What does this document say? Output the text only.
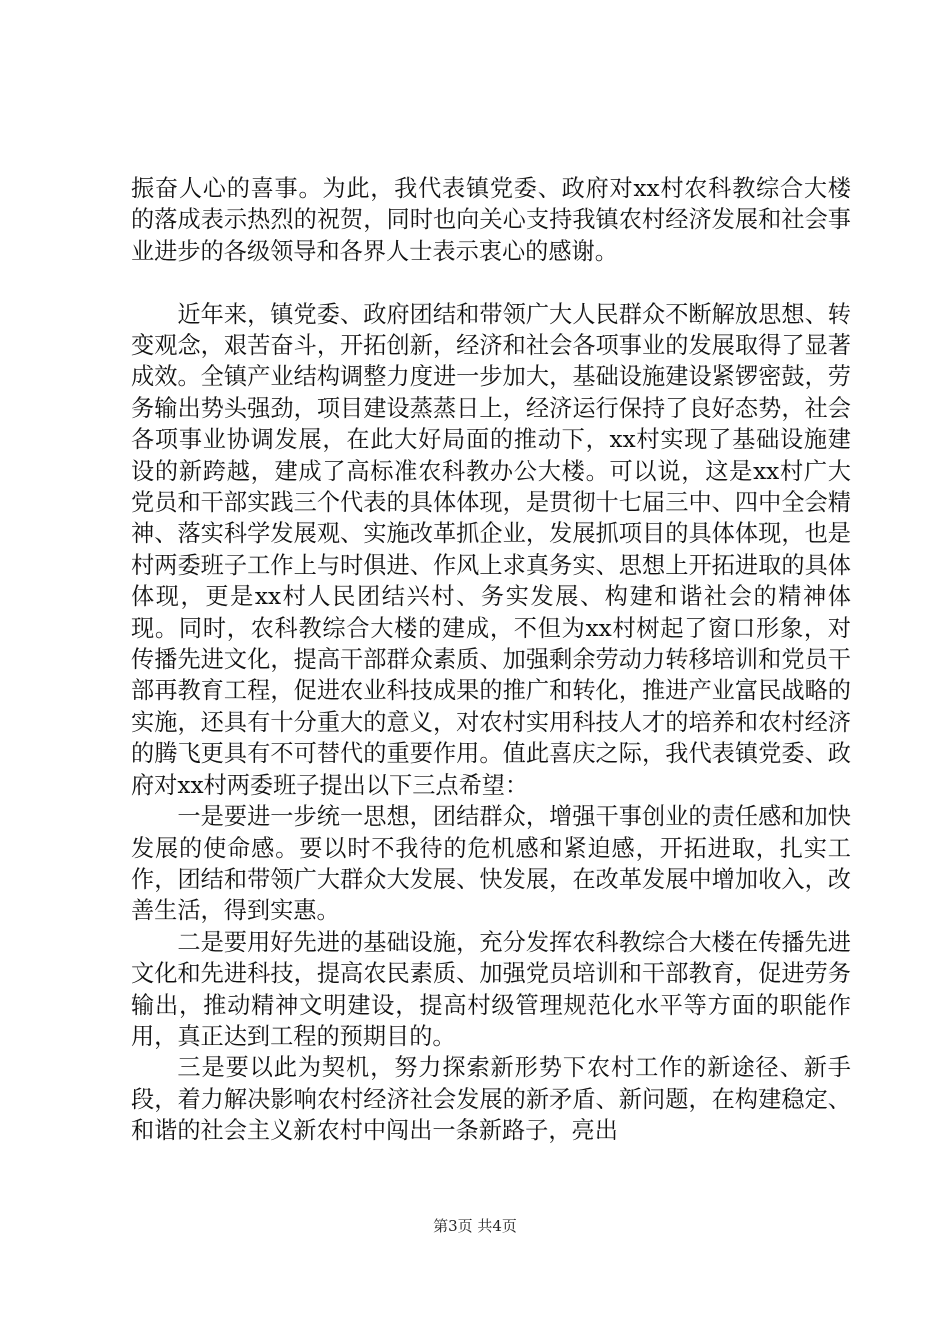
振奋人心的喜事。为此，我代表镇党委、政府对xx村农科教综合大楼的落成表示热烈的祝贺，同时也向关心支持我镇农村经济发展和社会事业进步的各级领导和各界人士表示衷心的感谢。

近年来，镇党委、政府团结和带领广大人民群众不断解放思想、转变观念，艰苦奋斗，开拓创新，经济和社会各项事业的发展取得了显著成效。全镇产业结构调整力度进一步加大，基础设施建设紧锣密鼓，劳务输出势头强劲，项目建设蒸蒸日上，经济运行保持了良好态势，社会各项事业协调发展，在此大好局面的推动下，xx村实现了基础设施建设的新跨越，建成了高标准农科教办公大楼。可以说，这是xx村广大党员和干部实践三个代表的具体体现，是贯彻十七届三中、四中全会精神、落实科学发展观、实施改革抓企业，发展抓项目的具体体现，也是村两委班子工作上与时俱进、作风上求真务实、思想上开拓进取的具体体现，更是xx村人民团结兴村、务实发展、构建和谐社会的精神体现。同时，农科教综合大楼的建成，不但为xx村树起了窗口形象，对传播先进文化，提高干部群众素质、加强剩余劳动力转移培训和党员干部再教育工程，促进农业科技成果的推广和转化，推进产业富民战略的实施，还具有十分重大的意义，对农村实用科技人才的培养和农村经济的腾飞更具有不可替代的重要作用。值此喜庆之际，我代表镇党委、政府对xx村两委班子提出以下三点希望：

一是要进一步统一思想，团结群众，增强干事创业的责任感和加快发展的使命感。要以时不我待的危机感和紧迫感，开拓进取，扎实工作，团结和带领广大群众大发展、快发展，在改革发展中增加收入，改善生活，得到实惠。

二是要用好先进的基础设施，充分发挥农科教综合大楼在传播先进文化和先进科技，提高农民素质、加强党员培训和干部教育，促进劳务输出，推动精神文明建设，提高村级管理规范化水平等方面的职能作用，真正达到工程的预期目的。

三是要以此为契机，努力探索新形势下农村工作的新途径、新手段，着力解决影响农村经济社会发展的新矛盾、新问题，在构建稳定、和谐的社会主义新农村中闯出一条新路子，亮出

第3页 共4页
